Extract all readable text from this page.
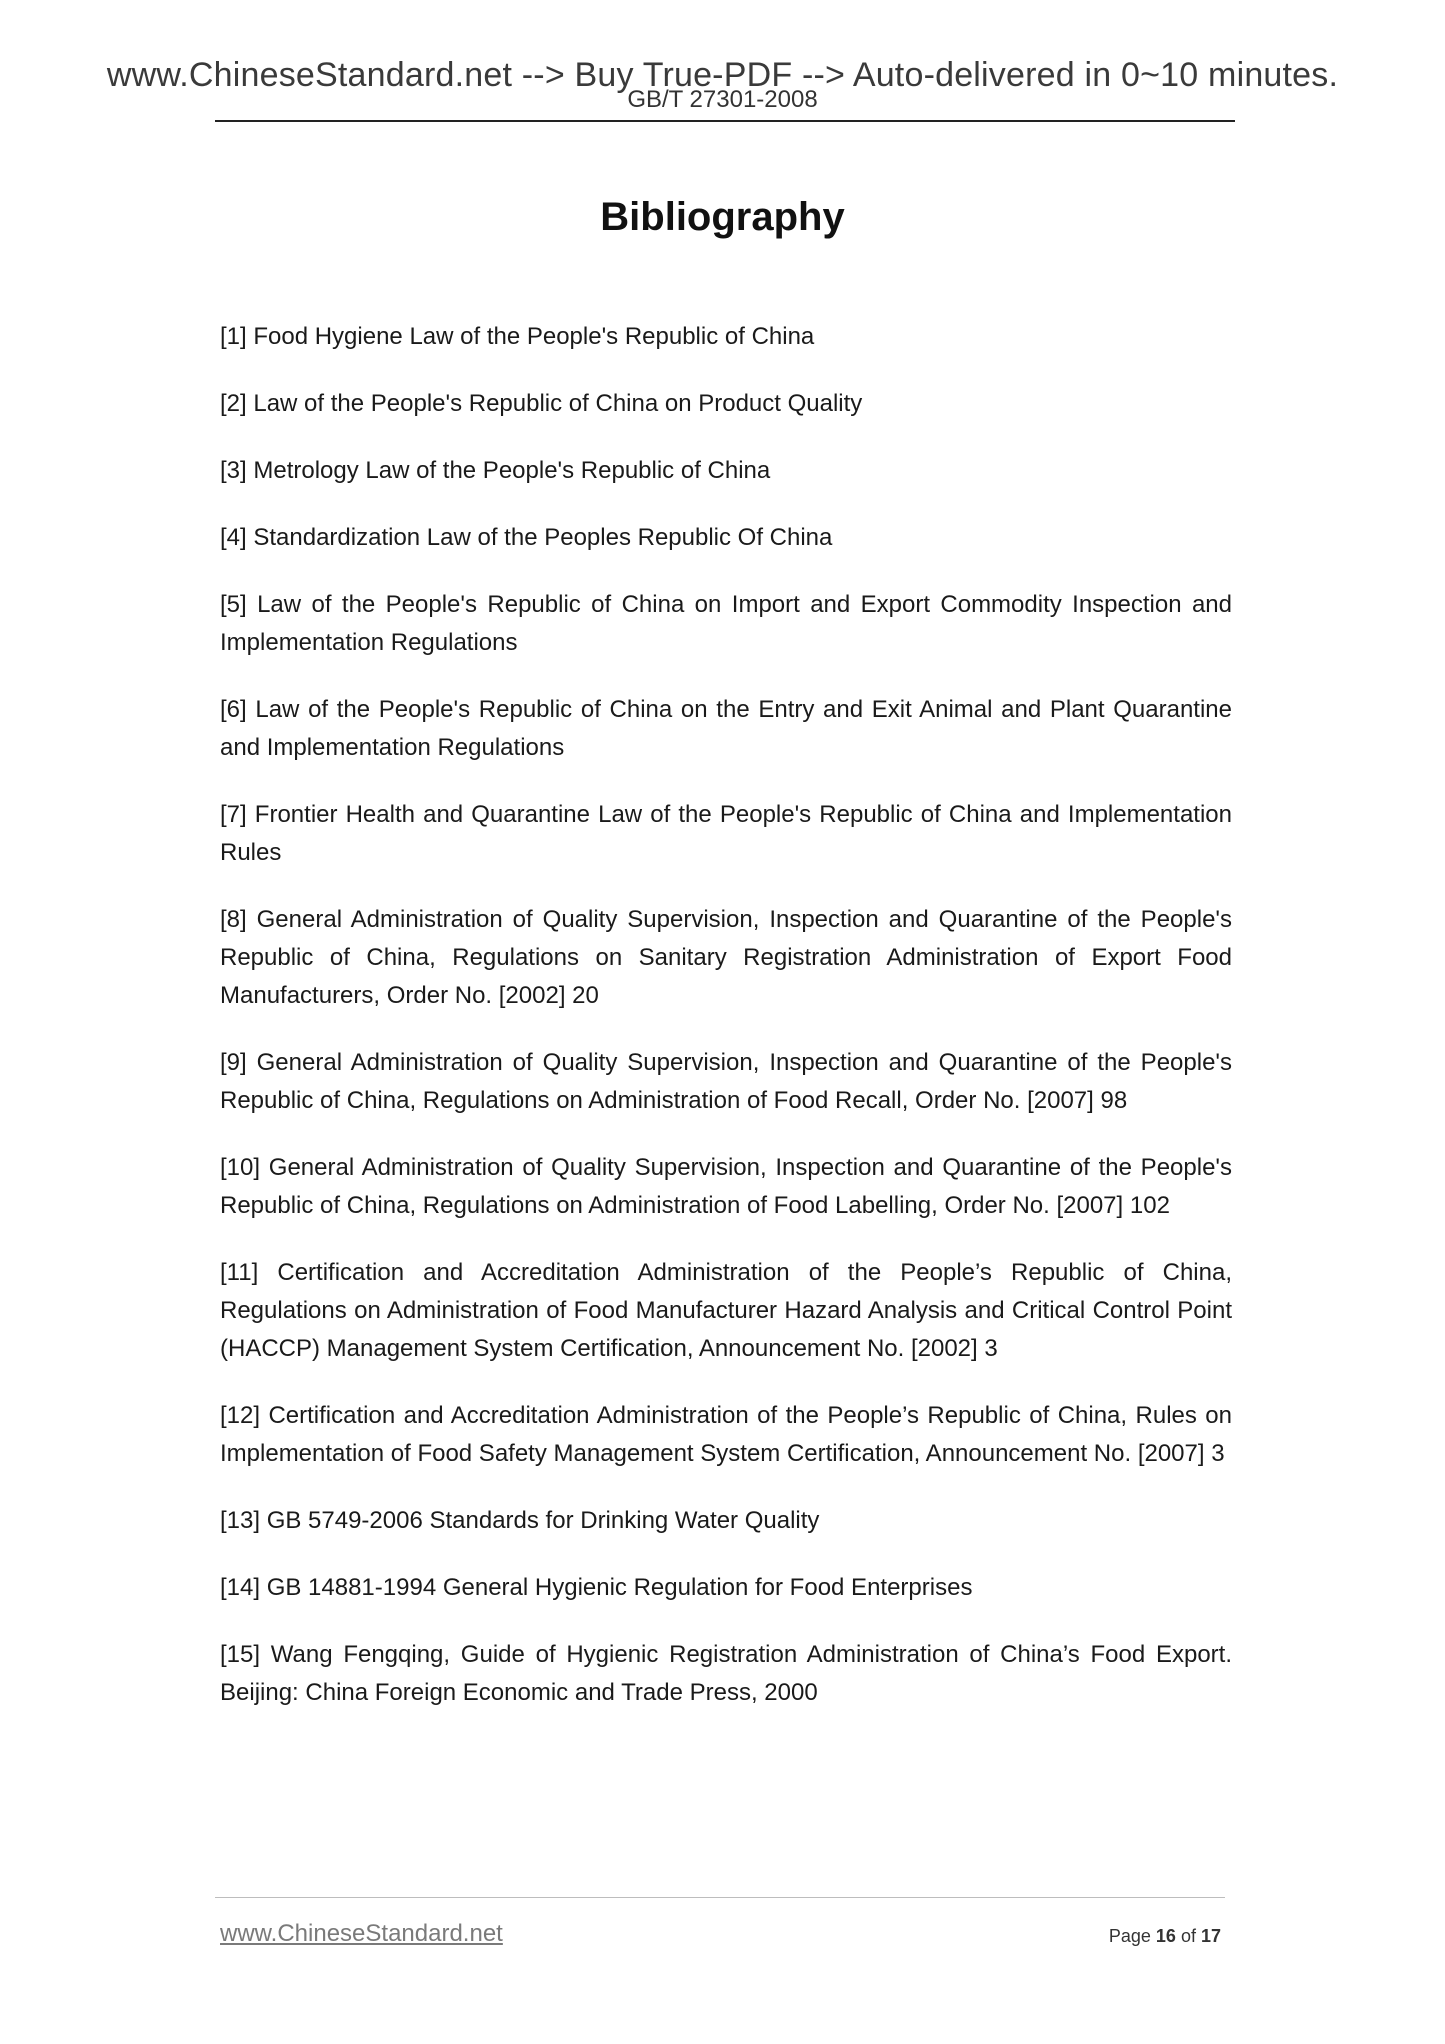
www.ChineseStandard.net --> Buy True-PDF --> Auto-delivered in 0~10 minutes.
GB/T 27301-2008
Bibliography
[1] Food Hygiene Law of the People's Republic of China
[2] Law of the People's Republic of China on Product Quality
[3] Metrology Law of the People's Republic of China
[4] Standardization Law of the Peoples Republic Of China
[5] Law of the People's Republic of China on Import and Export Commodity Inspection and Implementation Regulations
[6] Law of the People's Republic of China on the Entry and Exit Animal and Plant Quarantine and Implementation Regulations
[7] Frontier Health and Quarantine Law of the People's Republic of China and Implementation Rules
[8] General Administration of Quality Supervision, Inspection and Quarantine of the People's Republic of China, Regulations on Sanitary Registration Administration of Export Food Manufacturers, Order No. [2002] 20
[9] General Administration of Quality Supervision, Inspection and Quarantine of the People's Republic of China, Regulations on Administration of Food Recall, Order No. [2007] 98
[10] General Administration of Quality Supervision, Inspection and Quarantine of the People's Republic of China, Regulations on Administration of Food Labelling, Order No. [2007] 102
[11] Certification and Accreditation Administration of the People’s Republic of China, Regulations on Administration of Food Manufacturer Hazard Analysis and Critical Control Point (HACCP) Management System Certification, Announcement No. [2002] 3
[12] Certification and Accreditation Administration of the People’s Republic of China, Rules on Implementation of Food Safety Management System Certification, Announcement No. [2007] 3
[13] GB 5749-2006 Standards for Drinking Water Quality
[14] GB 14881-1994 General Hygienic Regulation for Food Enterprises
[15] Wang Fengqing, Guide of Hygienic Registration Administration of China’s Food Export. Beijing: China Foreign Economic and Trade Press, 2000
www.ChineseStandard.net	Page 16 of 17
